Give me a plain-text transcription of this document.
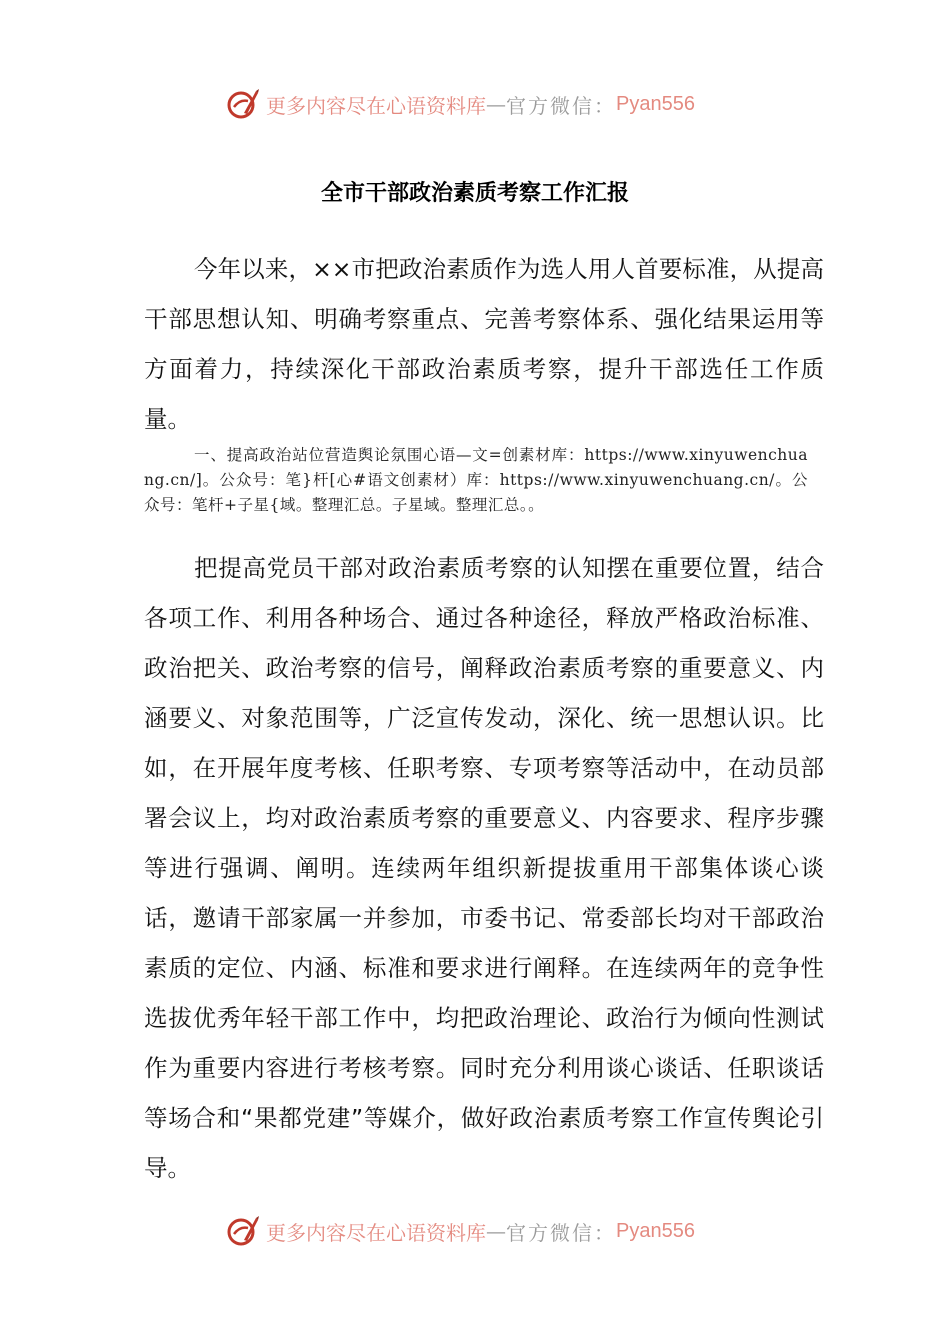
更多内容尽在心语资料库 — 官方微信： Pyan556
全市干部政治素质考察工作汇报

今年以来，××市把政治素质作为选人用人首要标准，从提高干部思想认知、明确考察重点、完善考察体系、强化结果运用等方面着力，持续深化干部政治素质考察，提升干部选任工作质量。

一、提高政治站位营造舆论氛围心语—文=创素材库：https://www.xinyuwenchuang.cn/]。公众号：笔}杆[心#语文创素材）库：https://www.xinyuwenchuang.cn/。公众号：笔杆+子星{域。整理汇总。子星域。整理汇总。。

把提高党员干部对政治素质考察的认知摆在重要位置，结合各项工作、利用各种场合、通过各种途径，释放严格政治标准、政治把关、政治考察的信号，阐释政治素质考察的重要意义、内涵要义、对象范围等，广泛宣传发动，深化、统一思想认识。比如，在开展年度考核、任职考察、专项考察等活动中，在动员部署会议上，均对政治素质考察的重要意义、内容要求、程序步骤等进行强调、阐明。连续两年组织新提拔重用干部集体谈心谈话，邀请干部家属一并参加，市委书记、常委部长均对干部政治素质的定位、内涵、标准和要求进行阐释。在连续两年的竞争性选拔优秀年轻干部工作中，均把政治理论、政治行为倾向性测试作为重要内容进行考核考察。同时充分利用谈心谈话、任职谈话等场合和“果都党建”等媒介，做好政治素质考察工作宣传舆论引导。

更多内容尽在心语资料库 — 官方微信： Pyan556
